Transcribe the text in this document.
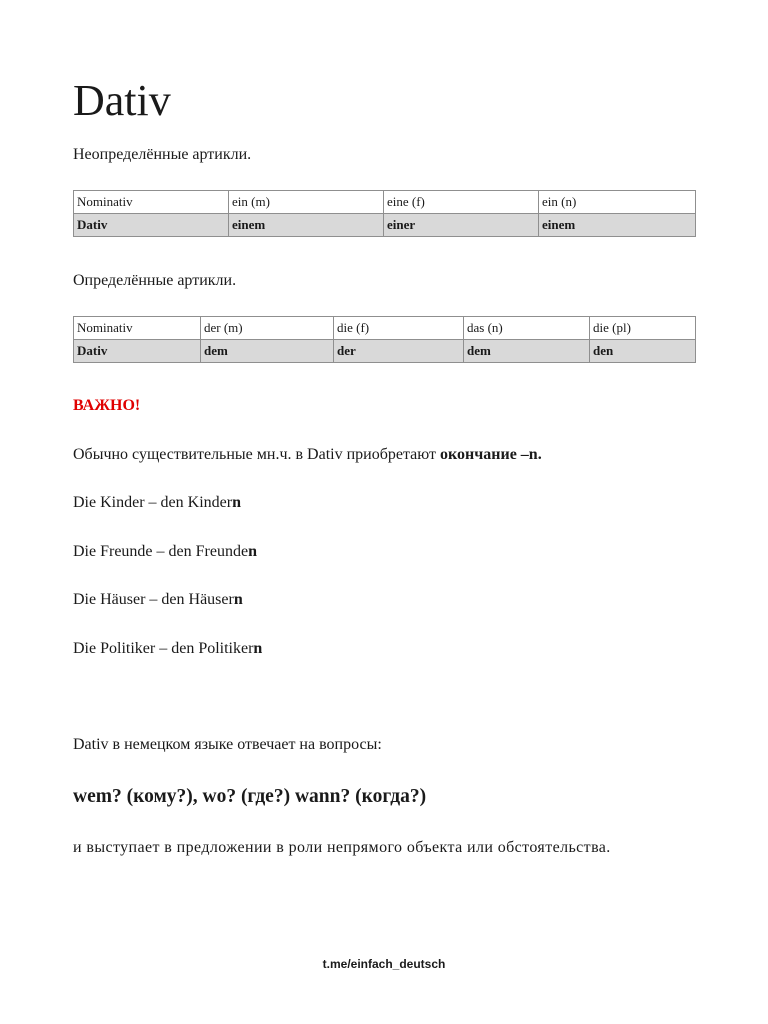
Dativ

Неопределённые артикли.

Nominativ	ein (m)	eine (f)	ein (n)
Dativ	einem	einer	einem

Определённые артикли.

Nominativ	der (m)	die (f)	das (n)	die (pl)
Dativ	dem	der	dem	den

ВАЖНО!

Обычно существительные мн.ч. в Dativ приобретают окончание –n.

Die Kinder – den Kindern

Die Freunde – den Freunden

Die Häuser – den Häusern

Die Politiker – den Politikern

Dativ в немецком языке отвечает на вопросы:

wem? (кому?), wo? (где?) wann? (когда?)

и выступает в предложении в роли непрямого объекта или обстоятельства.

t.me/einfach_deutsch
